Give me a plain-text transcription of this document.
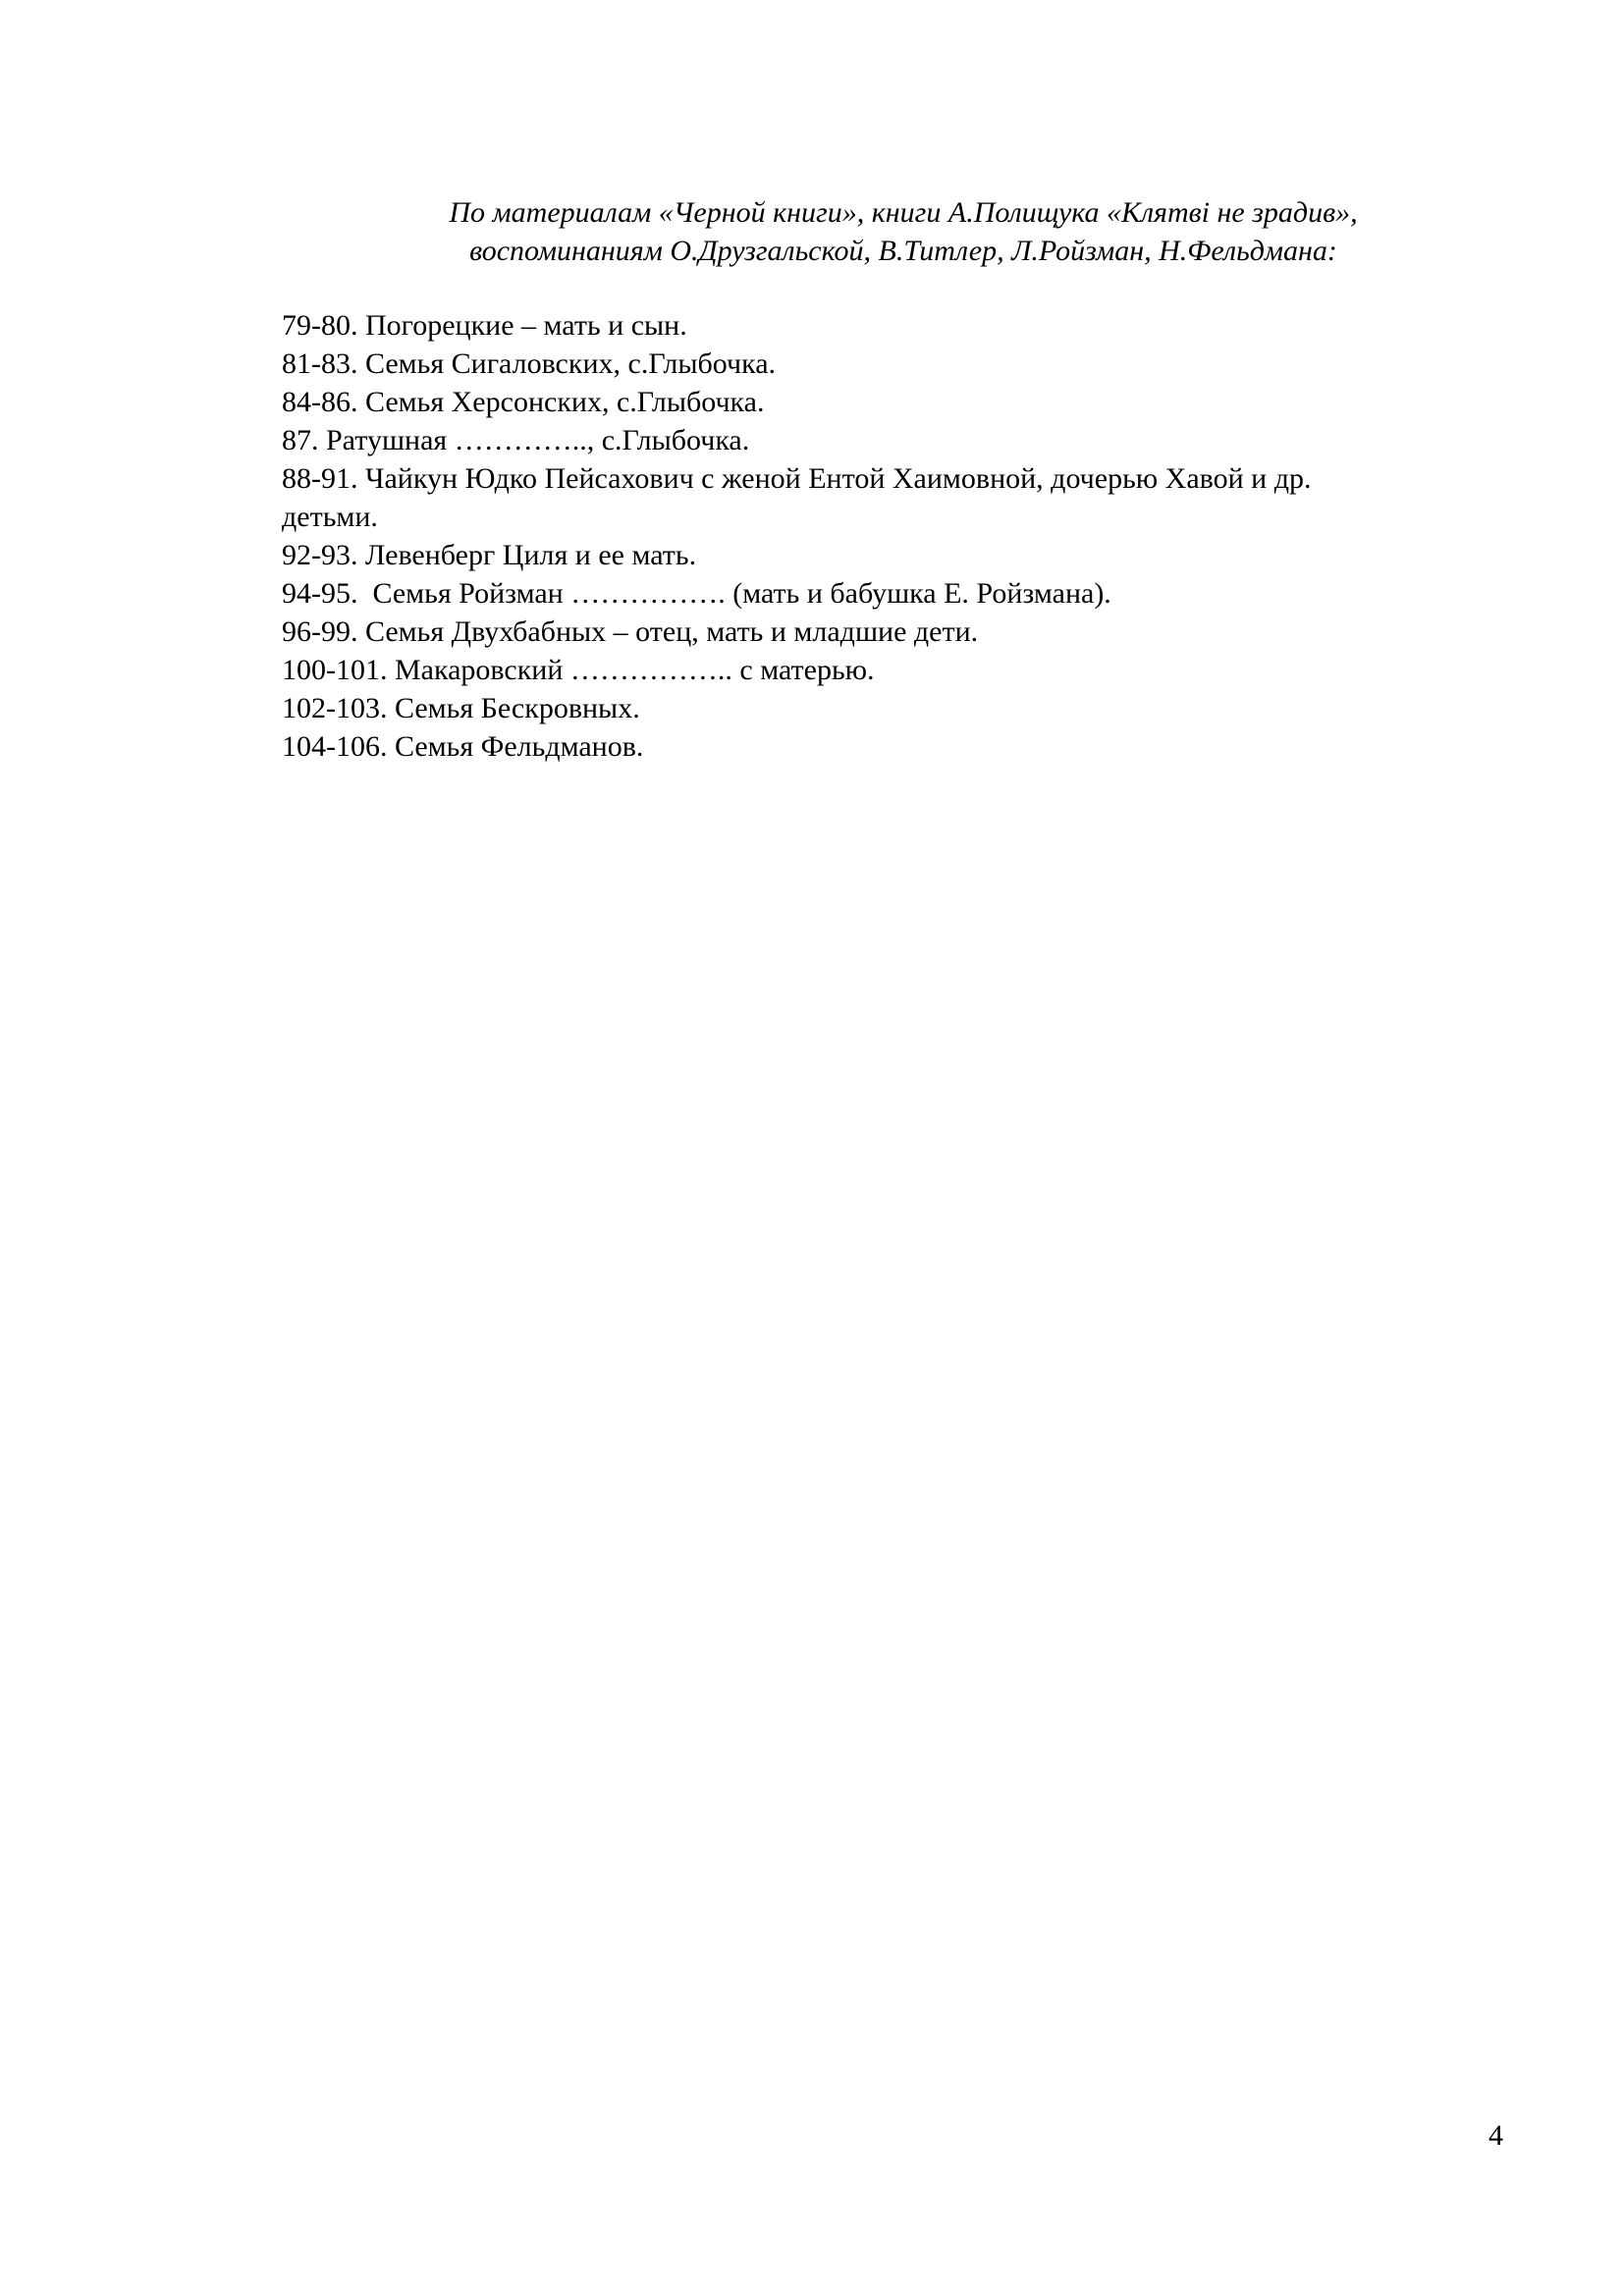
По материалам «Черной книги», книги А.Полищука «Клятві не зрадив»,
воспоминаниям О.Друзгальской, В.Титлер, Л.Ройзман, Н.Фельдмана:
79-80. Погорецкие – мать и сын.
81-83. Семья Сигаловских, с.Глыбочка.
84-86. Семья Херсонских, с.Глыбочка.
87. Ратушная ………….., с.Глыбочка.
88-91. Чайкун Юдко Пейсахович с женой Ентой Хаимовной, дочерью Хавой и др.
детьми.
92-93. Левенберг Циля и ее мать.
94-95.  Семья Ройзман ……………. (мать и бабушка Е. Ройзмана).
96-99. Семья Двухбабных – отец, мать и младшие дети.
100-101. Макаровский …………….. с матерью.
102-103. Семья Бескровных.
104-106. Семья Фельдманов.
4
